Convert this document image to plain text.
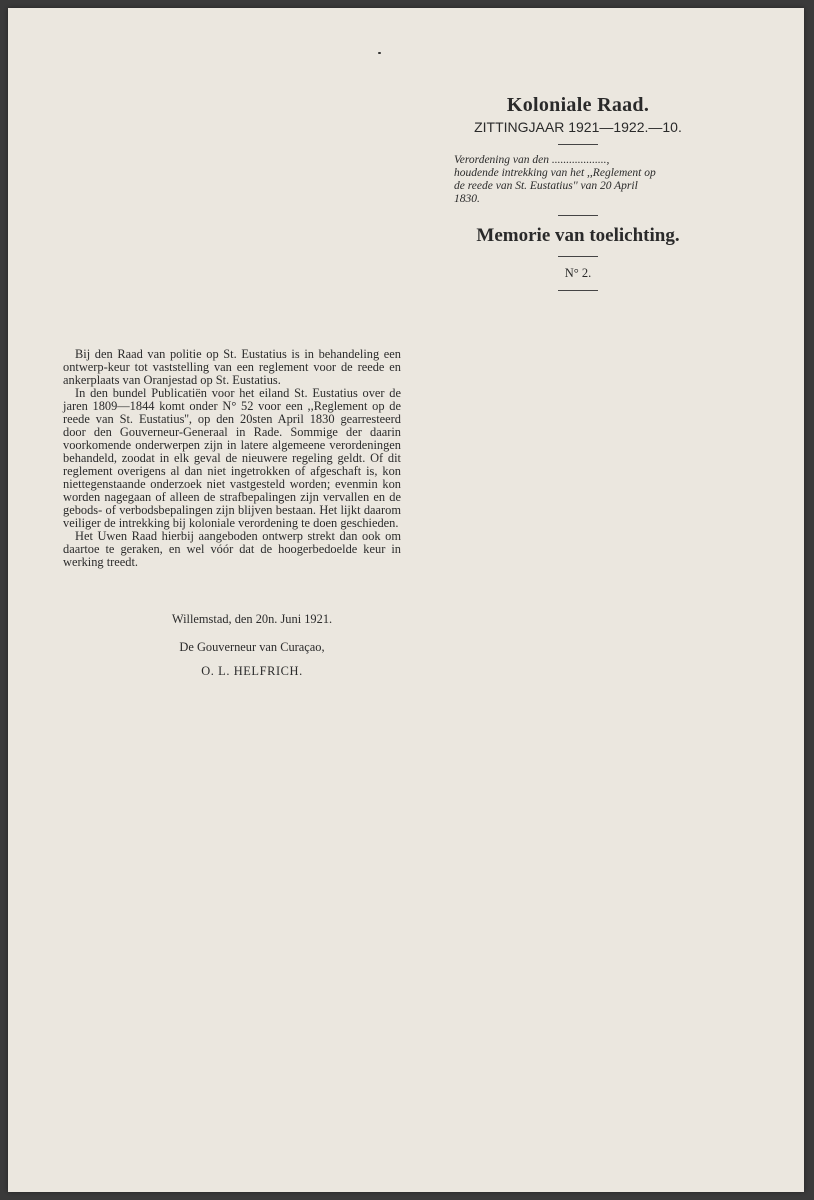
Koloniale Raad.
ZITTINGJAAR 1921—1922.—10.
Verordening van den ...................,
houdende intrekking van het ,,Reglement op
de reede van St. Eustatius'' van 20 April
1830.
Memorie van toelichting.
N° 2.

Bij den Raad van politie op St. Eustatius is in behandeling een ontwerp-keur tot vaststelling van een reglement voor de reede en ankerplaats van Oranjestad op St. Eustatius.

In den bundel Publicatiën voor het eiland St. Eustatius over de jaren 1809—1844 komt onder N° 52 voor een ,,Reglement op de reede van St. Eustatius'', op den 20sten April 1830 gearresteerd door den Gouverneur-Generaal in Rade. Sommige der daarin voorkomende onderwerpen zijn in latere algemeene verordeningen behandeld, zoodat in elk geval de nieuwere regeling geldt. Of dit reglement overigens al dan niet ingetrokken of afgeschaft is, kon niettegenstaande onderzoek niet vastgesteld worden; evenmin kon worden nagegaan of alleen de strafbepalingen zijn vervallen en de gebods- of verbodsbepalingen zijn blijven bestaan. Het lijkt daarom veiliger de intrekking bij koloniale verordening te doen geschieden.

Het Uwen Raad hierbij aangeboden ontwerp strekt dan ook om daartoe te geraken, en wel vóór dat de hoogerbedoelde keur in werking treedt.

Willemstad, den 20n. Juni 1921.
De Gouverneur van Curaçao,
O. L. HELFRICH.
